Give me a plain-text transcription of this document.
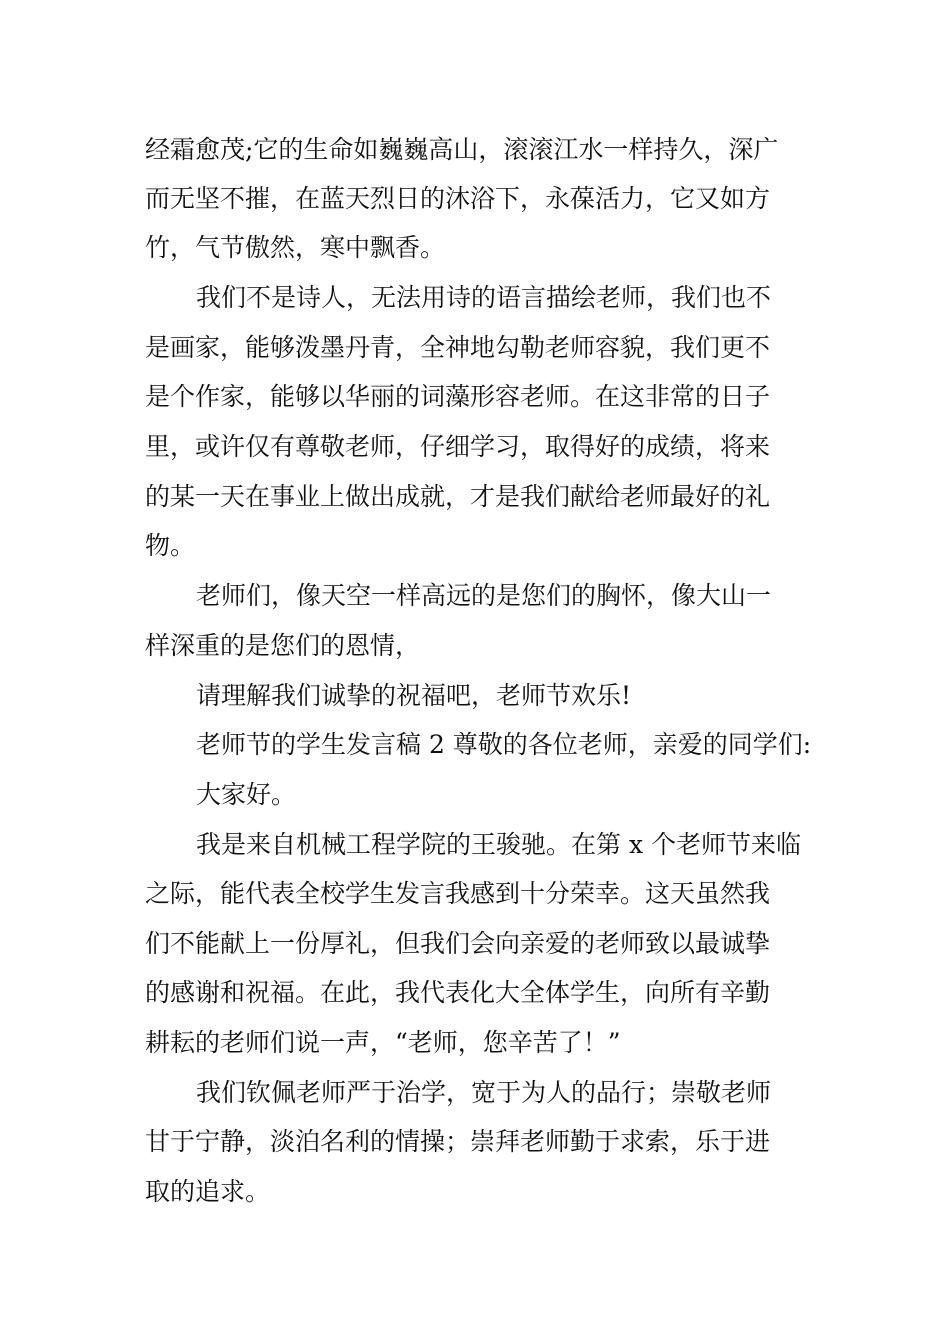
经霜愈茂;它的生命如巍巍高山，滚滚江水一样持久，深广
而无坚不摧，在蓝天烈日的沐浴下，永葆活力，它又如方
竹，气节傲然，寒中飘香。
我们不是诗人，无法用诗的语言描绘老师，我们也不
是画家，能够泼墨丹青，全神地勾勒老师容貌，我们更不
是个作家，能够以华丽的词藻形容老师。在这非常的日子
里，或许仅有尊敬老师，仔细学习，取得好的成绩，将来
的某一天在事业上做出成就，才是我们献给老师最好的礼
物。
老师们，像天空一样高远的是您们的胸怀，像大山一
样深重的是您们的恩情，
请理解我们诚挚的祝福吧，老师节欢乐!
老师节的学生发言稿 2 尊敬的各位老师，亲爱的同学们:
大家好。
我是来自机械工程学院的王骏驰。在第 x 个老师节来临
之际，能代表全校学生发言我感到十分荣幸。这天虽然我
们不能献上一份厚礼，但我们会向亲爱的老师致以最诚挚
的感谢和祝福。在此，我代表化大全体学生，向所有辛勤
耕耘的老师们说一声，“老师，您辛苦了！”
我们钦佩老师严于治学，宽于为人的品行；崇敬老师
甘于宁静，淡泊名利的情操；崇拜老师勤于求索，乐于进
取的追求。
